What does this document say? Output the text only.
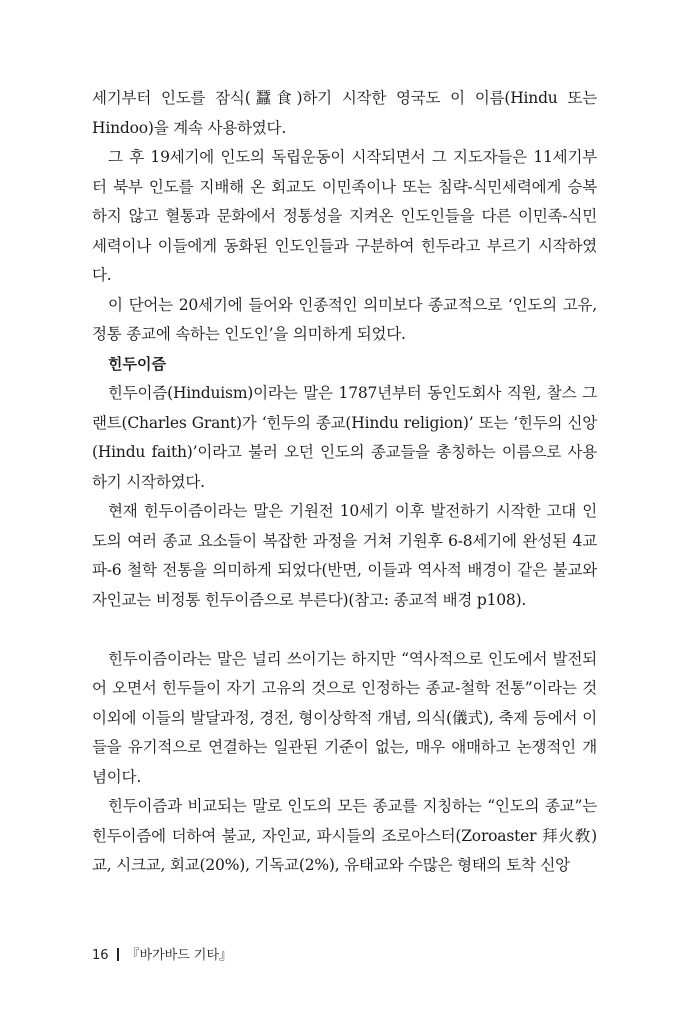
세기부터 인도를 잠식(蠶食)하기 시작한 영국도 이 이름(Hindu 또는 Hindoo)을 계속 사용하였다.

그 후 19세기에 인도의 독립운동이 시작되면서 그 지도자들은 11세기부터 북부 인도를 지배해 온 회교도 이민족이나 또는 침략-식민세력에게 승복하지 않고 혈통과 문화에서 정통성을 지켜온 인도인들을 다른 이민족-식민 세력이나 이들에게 동화된 인도인들과 구분하여 힌두라고 부르기 시작하였다.

이 단어는 20세기에 들어와 인종적인 의미보다 종교적으로 ‘인도의 고유, 정통 종교에 속하는 인도인’을 의미하게 되었다.

힌두이즘

힌두이즘(Hinduism)이라는 말은 1787년부터 동인도회사 직원, 찰스 그랜트(Charles Grant)가 ‘힌두의 종교(Hindu religion)’ 또는 ‘힌두의 신앙(Hindu faith)’이라고 불러 오던 인도의 종교들을 총칭하는 이름으로 사용하기 시작하였다.

현재 힌두이즘이라는 말은 기원전 10세기 이후 발전하기 시작한 고대 인도의 여러 종교 요소들이 복잡한 과정을 거쳐 기원후 6-8세기에 완성된 4교파-6 철학 전통을 의미하게 되었다(반면, 이들과 역사적 배경이 같은 불교와 자인교는 비정통 힌두이즘으로 부른다)(참고: 종교적 배경 p108).

힌두이즘이라는 말은 널리 쓰이기는 하지만 “역사적으로 인도에서 발전되어 오면서 힌두들이 자기 고유의 것으로 인정하는 종교-철학 전통”이라는 것 이외에 이들의 발달과정, 경전, 형이상학적 개념, 의식(儀式), 축제 등에서 이들을 유기적으로 연결하는 일관된 기준이 없는, 매우 애매하고 논쟁적인 개념이다.

힌두이즘과 비교되는 말로 인도의 모든 종교를 지칭하는 “인도의 종교”는 힌두이즘에 더하여 불교, 자인교, 파시들의 조로아스터(Zoroaster 拜火敎)교, 시크교, 회교(20%), 기독교(2%), 유태교와 수많은 형태의 토착 신앙

16 『바가바드 기타』
